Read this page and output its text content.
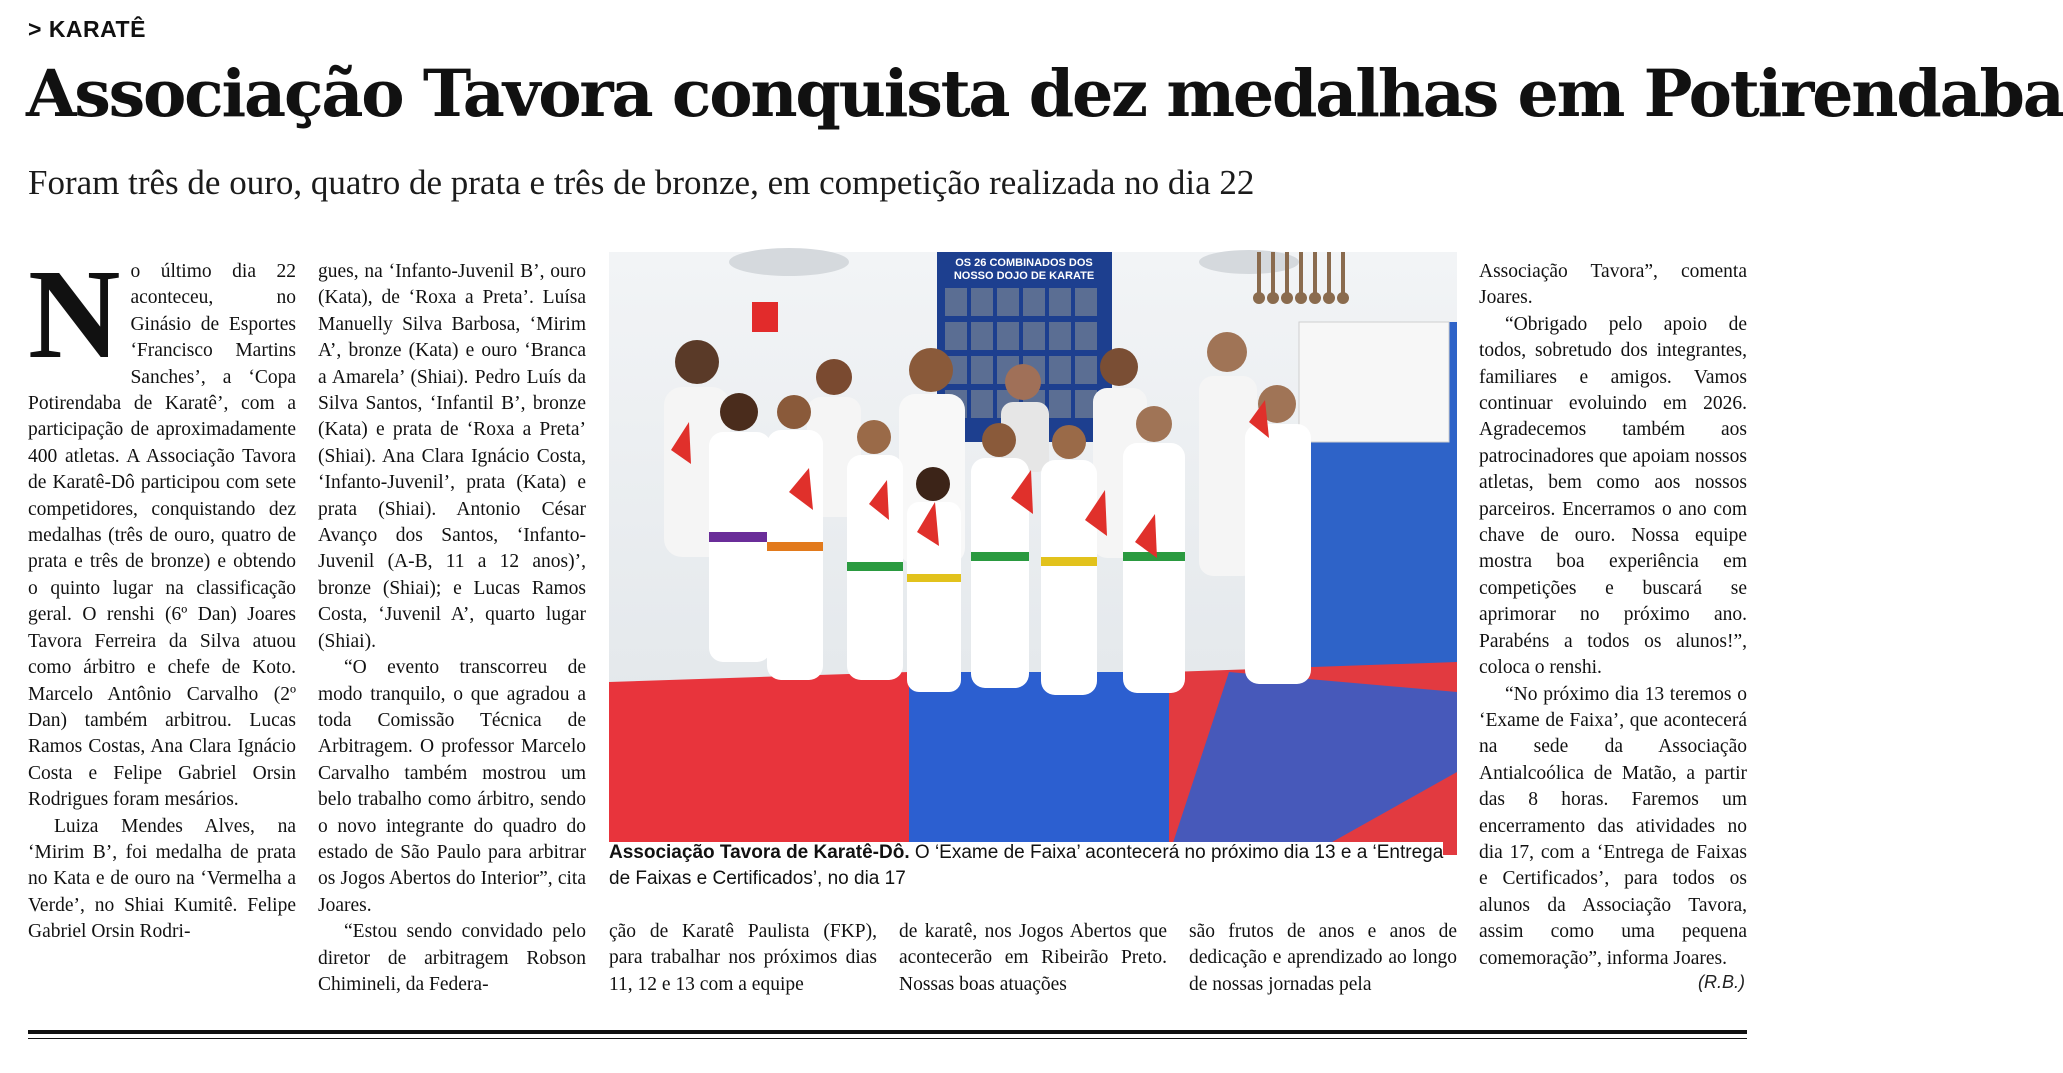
> KARATÊ
Associação Tavora conquista dez medalhas em Potirendaba
Foram três de ouro, quatro de prata e três de bronze, em competição realizada no dia 22

No último dia 22 aconteceu, no Ginásio de Esportes ‘Francisco Martins Sanches’, a ‘Copa Potirendaba de Karatê’, com a participação de aproximadamente 400 atletas. A Associação Tavora de Karatê-Dô participou com sete competidores, conquistando dez medalhas (três de ouro, quatro de prata e três de bronze) e obtendo o quinto lugar na classificação geral. O renshi (6º Dan) Joares Tavora Ferreira da Silva atuou como árbitro e chefe de Koto. Marcelo Antônio Carvalho (2º Dan) também arbitrou. Lucas Ramos Costas, Ana Clara Ignácio Costa e Felipe Gabriel Orsin Rodrigues foram mesários.

Luiza Mendes Alves, na ‘Mirim B’, foi medalha de prata no Kata e de ouro na ‘Vermelha a Verde’, no Shiai Kumitê. Felipe Gabriel Orsin Rodri-

gues, na ‘Infanto-Juvenil B’, ouro (Kata), de ‘Roxa a Preta’. Luísa Manuelly Silva Barbosa, ‘Mirim A’, bronze (Kata) e ouro ‘Branca a Amarela’ (Shiai). Pedro Luís da Silva Santos, ‘Infantil B’, bronze (Kata) e prata de ‘Roxa a Preta’ (Shiai). Ana Clara Ignácio Costa, ‘Infanto-Juvenil’, prata (Kata) e prata (Shiai). Antonio César Avanço dos Santos, ‘Infanto-Juvenil (A-B, 11 a 12 anos)’, bronze (Shiai); e Lucas Ramos Costa, ‘Juvenil A’, quarto lugar (Shiai).

“O evento transcorreu de modo tranquilo, o que agradou a toda Comissão Técnica de Arbitragem. O professor Marcelo Carvalho também mostrou um belo trabalho como árbitro, sendo o novo integrante do quadro do estado de São Paulo para arbitrar os Jogos Abertos do Interior”, cita Joares.

“Estou sendo convidado pelo diretor de arbitragem Robson Chimineli, da Federa-

OS 26 COMBINADOS DOS
NOSSO DOJO DE KARATE
Associação Tavora de Karatê-Dô. O ‘Exame de Faixa’ acontecerá no próximo dia 13 e a ‘Entrega de Faixas e Certificados’, no dia 17

ção de Karatê Paulista (FKP), para trabalhar nos próximos dias 11, 12 e 13 com a equipe

de karatê, nos Jogos Abertos que acontecerão em Ribeirão Preto. Nossas boas atuações

são frutos de anos e anos de dedicação e aprendizado ao longo de nossas jornadas pela

Associação Tavora”, comenta Joares.

“Obrigado pelo apoio de todos, sobretudo dos integrantes, familiares e amigos. Vamos continuar evoluindo em 2026. Agradecemos também aos patrocinadores que apoiam nossos atletas, bem como aos nossos parceiros. Encerramos o ano com chave de ouro. Nossa equipe mostra boa experiência em competições e buscará se aprimorar no próximo ano. Parabéns a todos os alunos!”, coloca o renshi.

“No próximo dia 13 teremos o ‘Exame de Faixa’, que acontecerá na sede da Associação Antialcoólica de Matão, a partir das 8 horas. Faremos um encerramento das atividades no dia 17, com a ‘Entrega de Faixas e Certificados’, para todos os alunos da Associação Tavora, assim como uma pequena comemoração”, informa Joares.

(R.B.)
